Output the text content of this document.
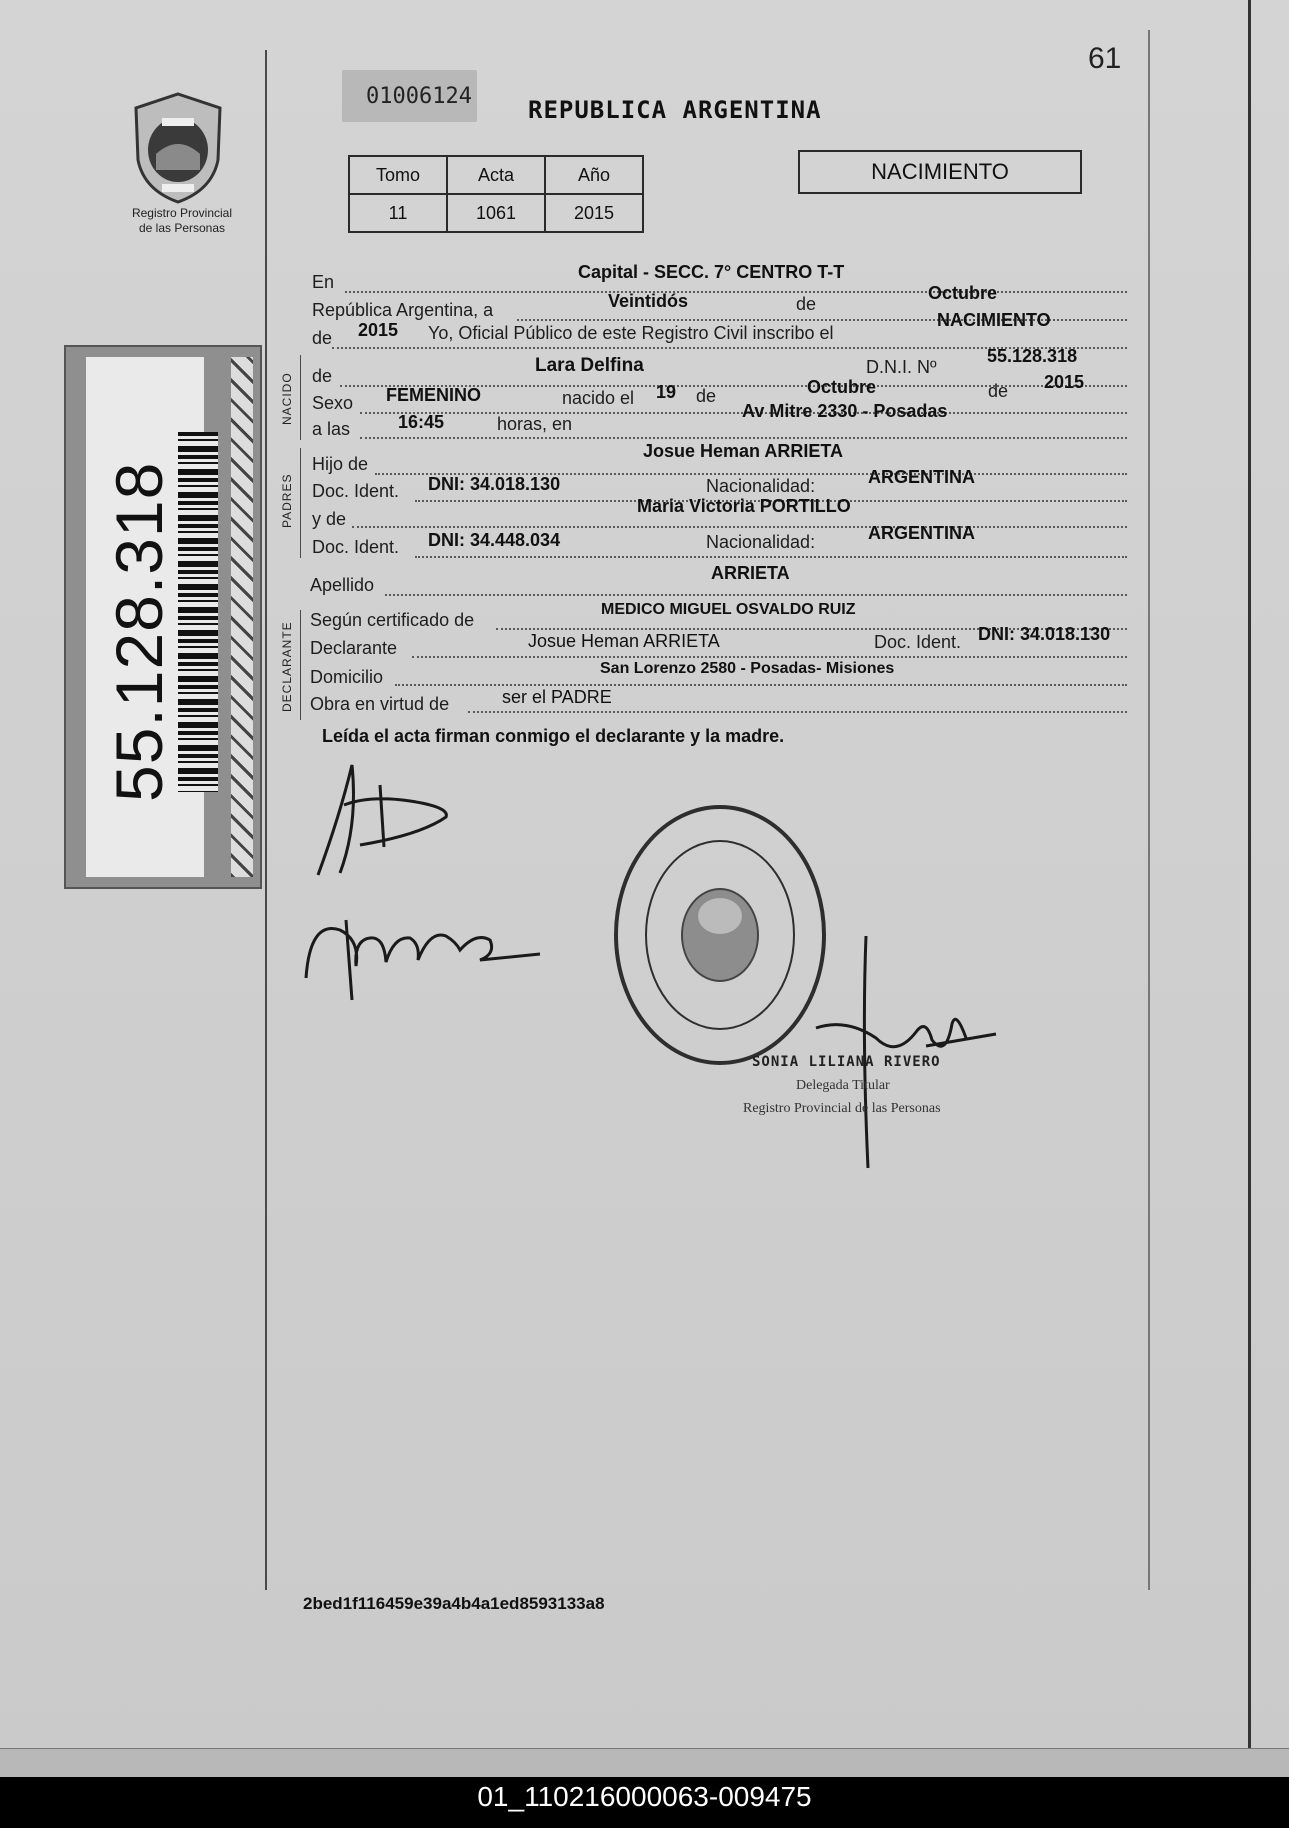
61
Registro Provincial
de las Personas
01006124 REPUBLICA ARGENTINA
Tomo	Acta	Año
11	1061	2015
NACIMIENTO
55.128.318
En	Capital - SECC. 7° CENTRO T-T
República Argentina, a	Veintidós	de
Octubre
de 2015 Yo, Oficial Público de este Registro Civil inscribo el
NACIMIENTO
NACIDO de	Lara Delfina	D.N.I. Nº
55.128.318
Sexo FEMENINO	nacido el 19 de	Octubre	de 2015
a las	16:45	horas, en
Av Mitre 2330 - Posadas
PADRES
Hijo de
Josue Heman ARRIETA
Doc. Ident. DNI: 34.018.130	Nacionalidad:	ARGENTINA
y de
Maria Victoria PORTILLO
Doc. Ident. DNI: 34.448.034	Nacionalidad:	ARGENTINA
Apellido
ARRIETA
DECLARANTE
Según certificado de
MEDICO MIGUEL OSVALDO RUIZ
Declarante	Josue Heman ARRIETA	Doc. Ident. DNI: 34.018.130
Domicilio	San Lorenzo 2580 - Posadas- Misiones
Obra en virtud de	ser el PADRE
Leída el acta firman conmigo el declarante y la madre.
SONIA LILIANA RIVERO
Delegada Titular
Registro Provincial de las Personas
2bed1f116459e39a4b4a1ed8593133a8
01_110216000063-009475
